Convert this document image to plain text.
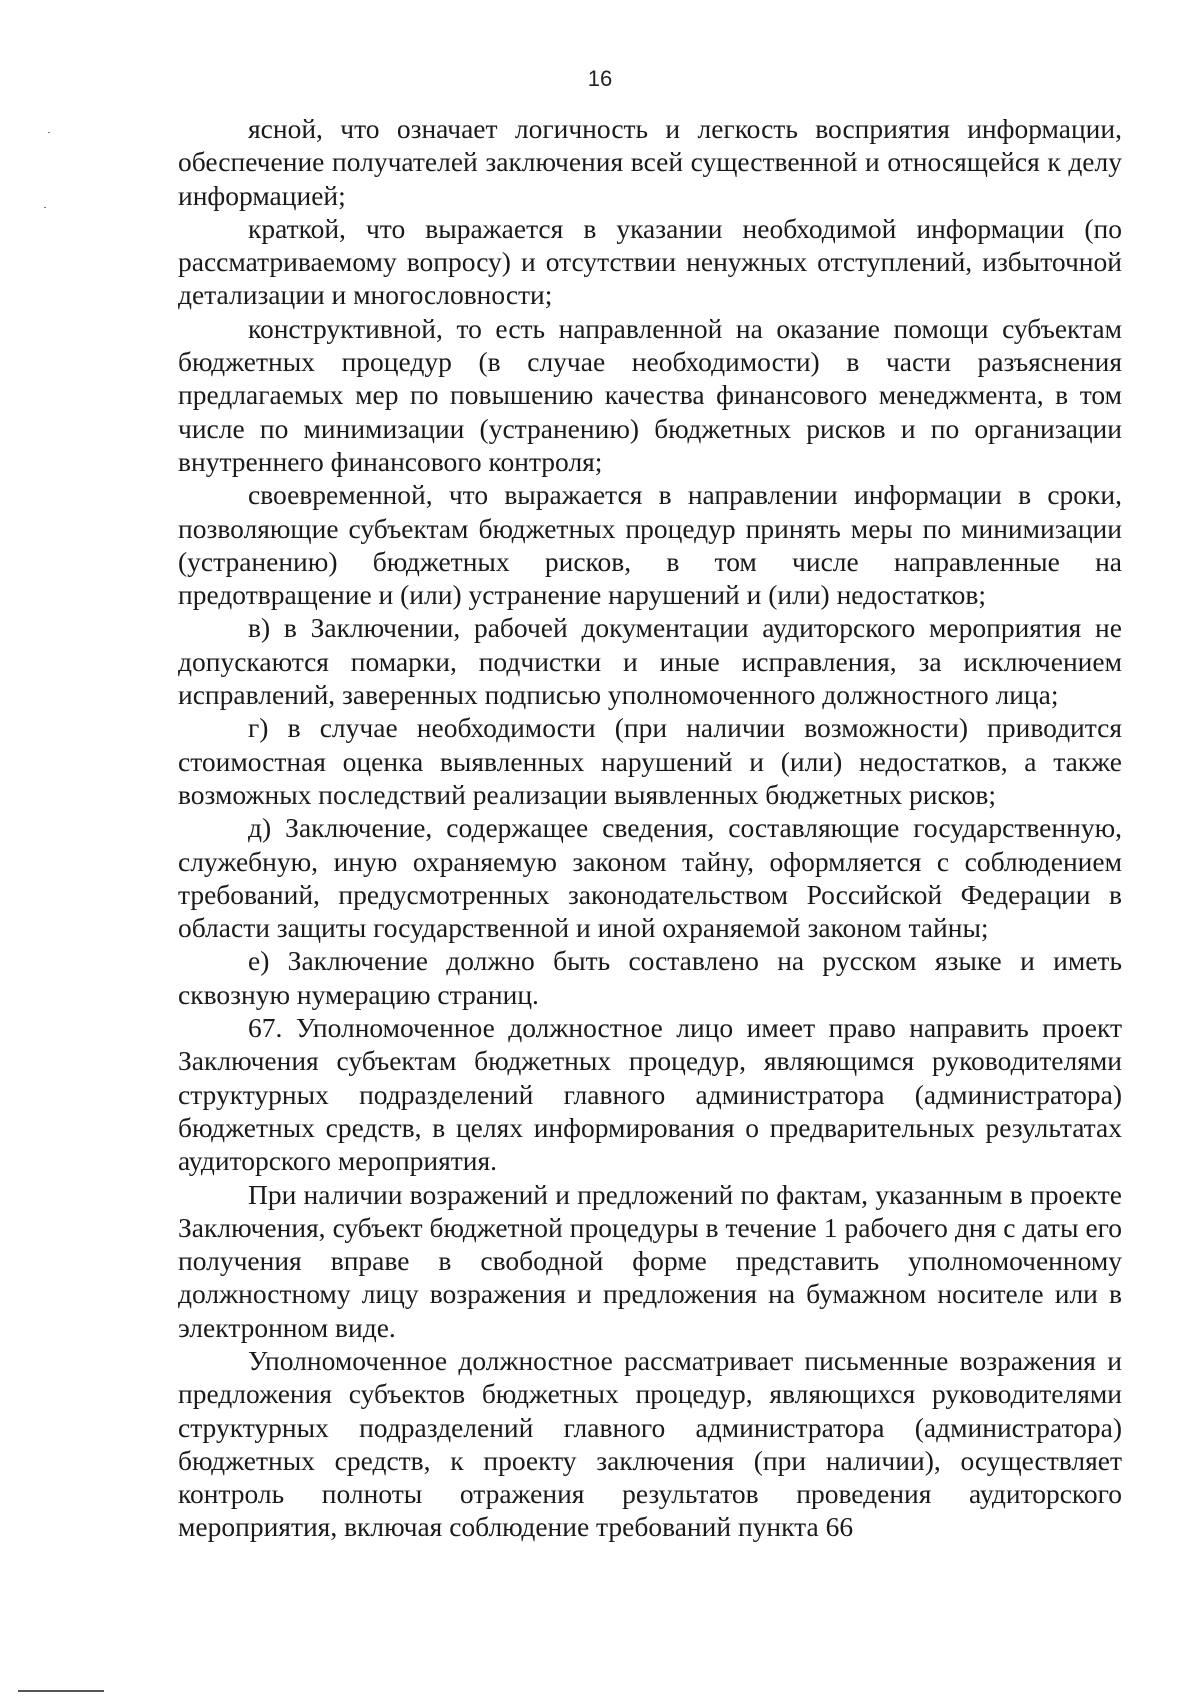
16

ясной, что означает логичность и легкость восприятия информации, обеспечение получателей заключения всей существенной и относящейся к делу информацией;

краткой, что выражается в указании необходимой информации (по рассматриваемому вопросу) и отсутствии ненужных отступлений, избыточной детализации и многословности;

конструктивной, то есть направленной на оказание помощи субъектам бюджетных процедур (в случае необходимости) в части разъяснения предлагаемых мер по повышению качества финансового менеджмента, в том числе по минимизации (устранению) бюджетных рисков и по организации внутреннего финансового контроля;

своевременной, что выражается в направлении информации в сроки, позволяющие субъектам бюджетных процедур принять меры по минимизации (устранению) бюджетных рисков, в том числе направленные на предотвращение и (или) устранение нарушений и (или) недостатков;

в) в Заключении, рабочей документации аудиторского мероприятия не допускаются помарки, подчистки и иные исправления, за исключением исправлений, заверенных подписью уполномоченного должностного лица;

г) в случае необходимости (при наличии возможности) приводится стоимостная оценка выявленных нарушений и (или) недостатков, а также возможных последствий реализации выявленных бюджетных рисков;

д) Заключение, содержащее сведения, составляющие государственную, служебную, иную охраняемую законом тайну, оформляется с соблюдением требований, предусмотренных законодательством Российской Федерации в области защиты государственной и иной охраняемой законом тайны;

е) Заключение должно быть составлено на русском языке и иметь сквозную нумерацию страниц.

67. Уполномоченное должностное лицо имеет право направить проект Заключения субъектам бюджетных процедур, являющимся руководителями структурных подразделений главного администратора (администратора) бюджетных средств, в целях информирования о предварительных результатах аудиторского мероприятия.

При наличии возражений и предложений по фактам, указанным в проекте Заключения, субъект бюджетной процедуры в течение 1 рабочего дня с даты его получения вправе в свободной форме представить уполномоченному должностному лицу возражения и предложения на бумажном носителе или в электронном виде.

Уполномоченное должностное рассматривает письменные возражения и предложения субъектов бюджетных процедур, являющихся руководителями структурных подразделений главного администратора (администратора) бюджетных средств, к проекту заключения (при наличии), осуществляет контроль полноты отражения результатов проведения аудиторского мероприятия, включая соблюдение требований пункта 66
